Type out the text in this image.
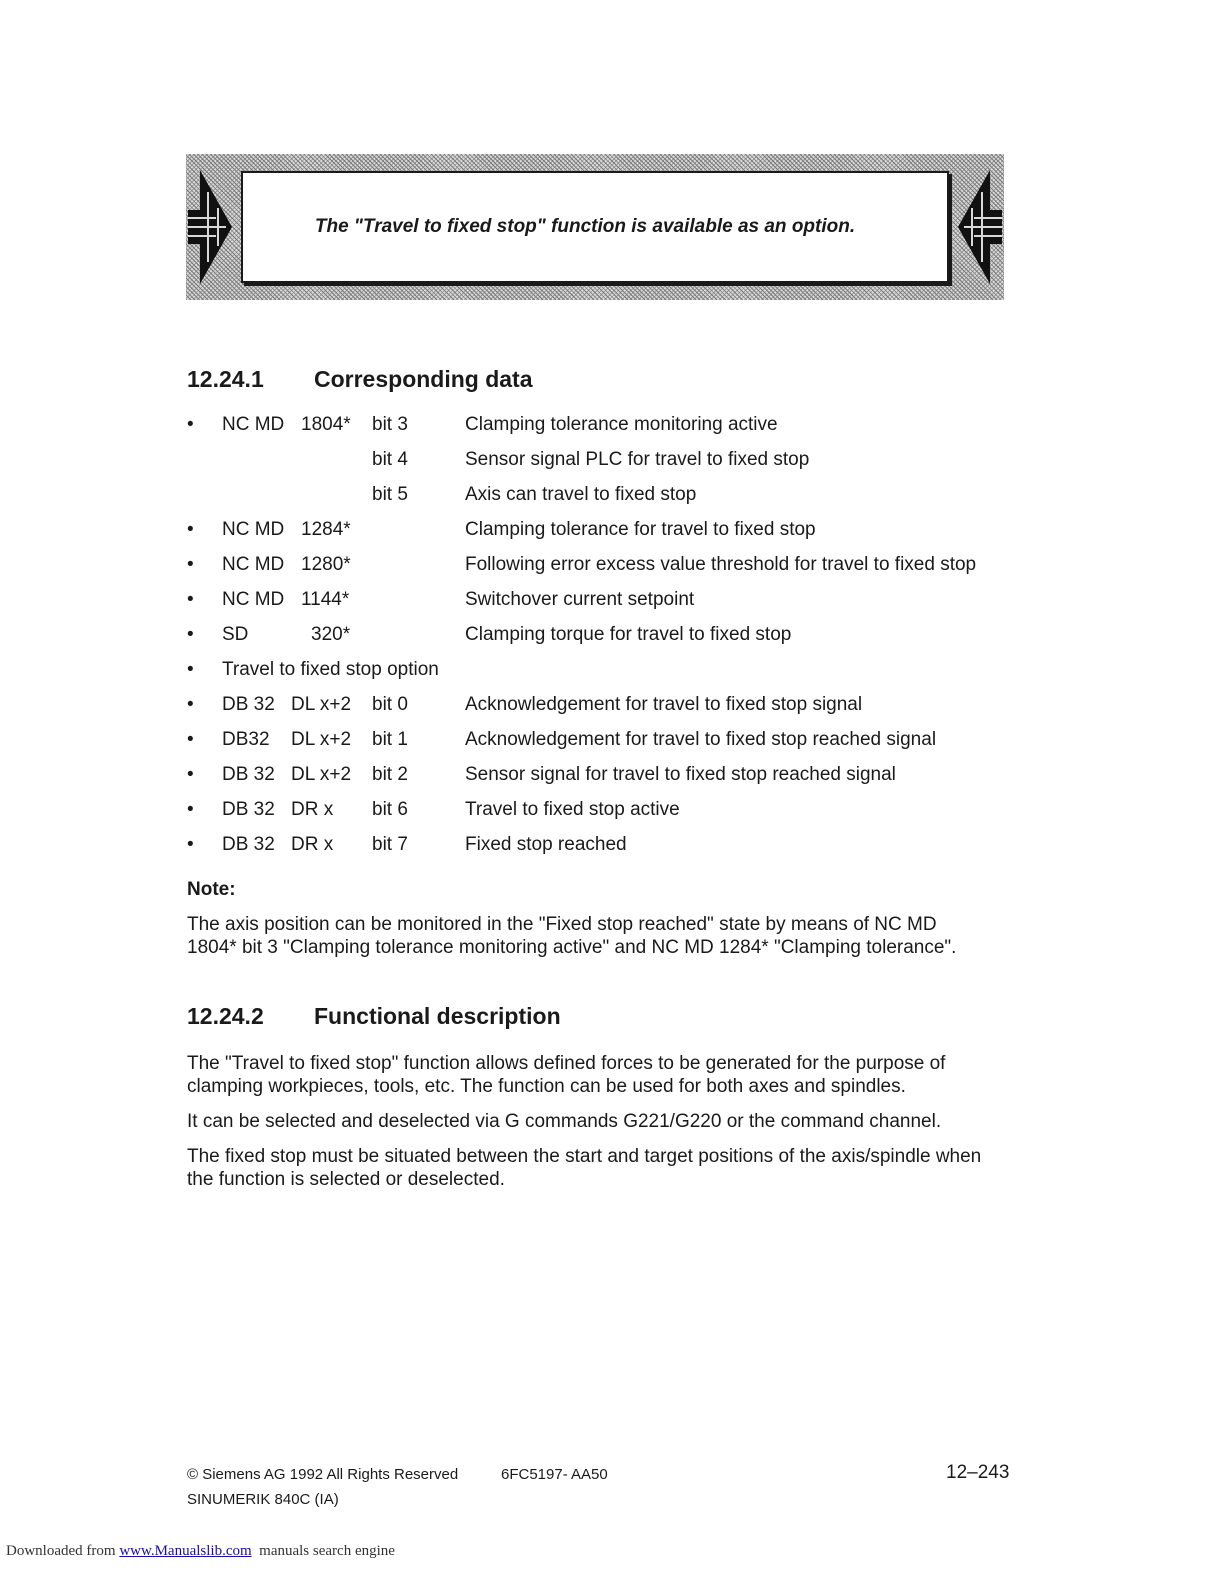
The "Travel to fixed stop" function is available as an option.
12.24.1 Corresponding data
• NC MD 1804* bit 3	Clamping tolerance monitoring active
bit 4	Sensor signal PLC for travel to fixed stop
bit 5	Axis can travel to fixed stop
• NC MD 1284*	Clamping tolerance for travel to fixed stop
• NC MD 1280*	Following error excess value threshold for travel to fixed stop
• NC MD 1144*	Switchover current setpoint
• SD	320*	Clamping torque for travel to fixed stop
• Travel to fixed stop option
• DB 32 DL x+2 bit 0	Acknowledgement for travel to fixed stop signal
• DB32 DL x+2 bit 1	Acknowledgement for travel to fixed stop reached signal
• DB 32 DL x+2 bit 2	Sensor signal for travel to fixed stop reached signal
• DB 32 DR x bit 6	Travel to fixed stop active
• DB 32 DR x bit 7	Fixed stop reached
Note:

The axis position can be monitored in the "Fixed stop reached" state by means of NC MD 1804* bit 3 "Clamping tolerance monitoring active" and NC MD 1284* "Clamping tolerance".

12.24.2 Functional description

The "Travel to fixed stop" function allows defined forces to be generated for the purpose of clamping workpieces, tools, etc. The function can be used for both axes and spindles.

It can be selected and deselected via G commands G221/G220 or the command channel.

The fixed stop must be situated between the start and target positions of the axis/spindle when the function is selected or deselected.

© Siemens AG 1992 All Rights Reserved	6FC5197- AA50
SINUMERIK 840C (IA)
12–243
Downloaded from www.Manualslib.com  manuals search engine
